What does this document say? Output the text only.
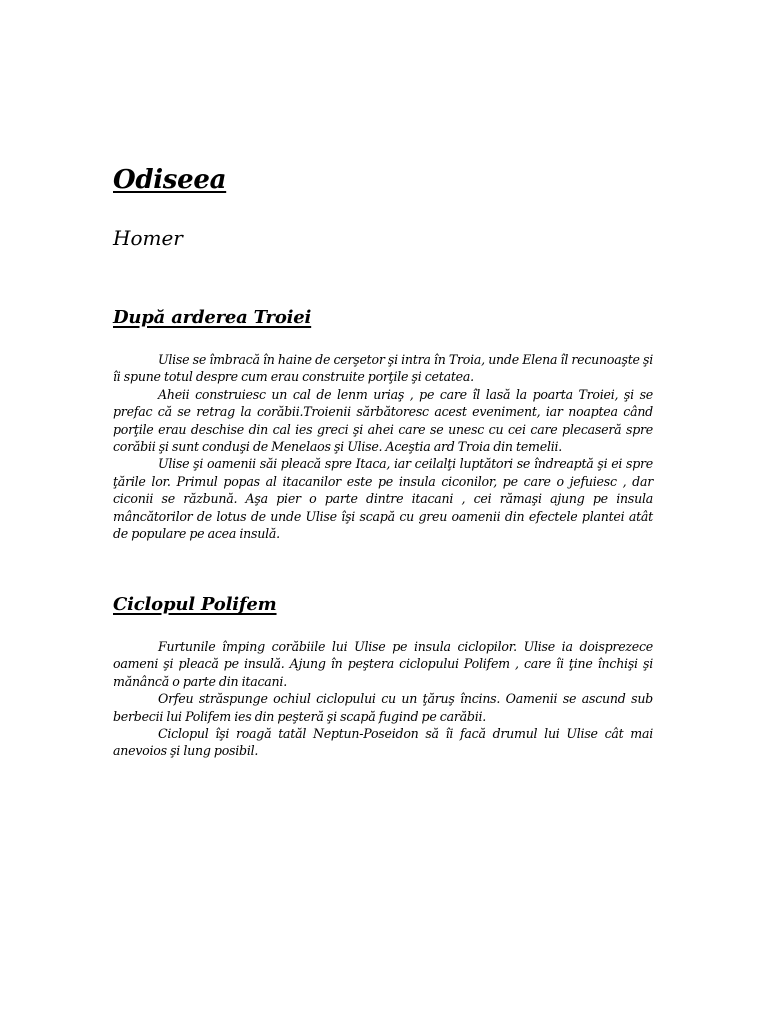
Odiseea
Homer
După arderea Troiei

Ulise se îmbracă în haine de cerşetor şi intra în Troia, unde Elena îl recunoaşte şi îi spune totul despre cum erau construite porţile şi cetatea.

Aheii construiesc un cal de lenm uriaş , pe care îl lasă la poarta Troiei, şi se prefac că se retrag la corăbii.Troienii sărbătoresc acest eveniment, iar noaptea când porţile erau deschise din cal ies greci şi ahei care se unesc cu cei care plecaseră spre corăbii şi sunt conduşi de Menelaos şi Ulise. Aceştia ard Troia din temelii.

Ulise şi oamenii săi pleacă spre Itaca, iar ceilalţi luptători se îndreaptă şi ei spre ţările lor. Primul popas al itacanilor este pe insula ciconilor, pe care o jefuiesc , dar ciconii se răzbună. Aşa pier o parte dintre itacani , cei rămaşi ajung pe insula mâncătorilor de lotus de unde Ulise îşi scapă cu greu oamenii din efectele plantei atât de populare pe acea insulă.

Ciclopul Polifem

Furtunile împing corăbiile lui Ulise pe insula ciclopilor. Ulise ia doisprezece oameni şi pleacă pe insulă. Ajung în peştera ciclopului Polifem , care îi ţine închişi şi mănâncă o parte din itacani.

Orfeu străspunge ochiul ciclopului cu un ţăruş încins. Oamenii se ascund sub berbecii lui Polifem ies din peşteră şi scapă fugind pe carăbii.

Ciclopul îşi roagă tatăl Neptun-Poseidon să îi facă drumul lui Ulise cât mai anevoios şi lung posibil.
